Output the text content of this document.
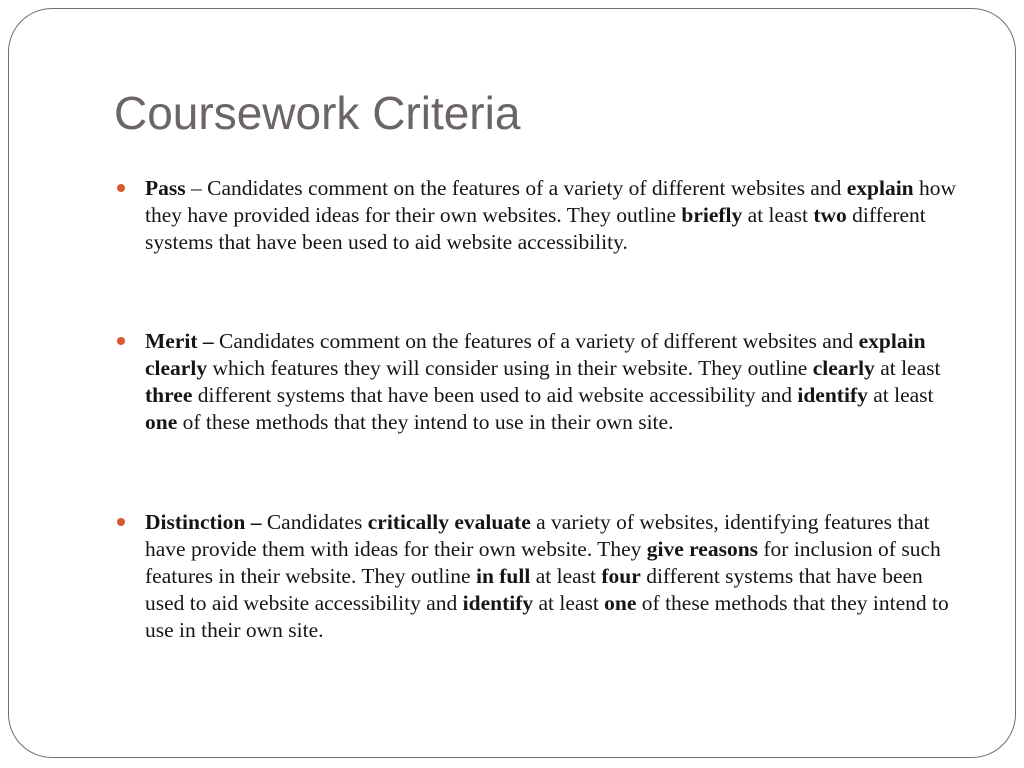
Coursework Criteria
Pass – Candidates comment on the features of a variety of different websites and explain how they have provided ideas for their own websites. They outline briefly at least two different systems that have been used to aid website accessibility.
Merit – Candidates comment on the features of a variety of different websites and explain clearly which features they will consider using in their website. They outline clearly at least three different systems that have been used to aid website accessibility and identify at least one of these methods that they intend to use in their own site.
Distinction – Candidates critically evaluate a variety of websites, identifying features that have provide them with ideas for their own website. They give reasons for inclusion of such features in their website. They outline in full at least four different systems that have been used to aid website accessibility and identify at least one of these methods that they intend to use in their own site.
